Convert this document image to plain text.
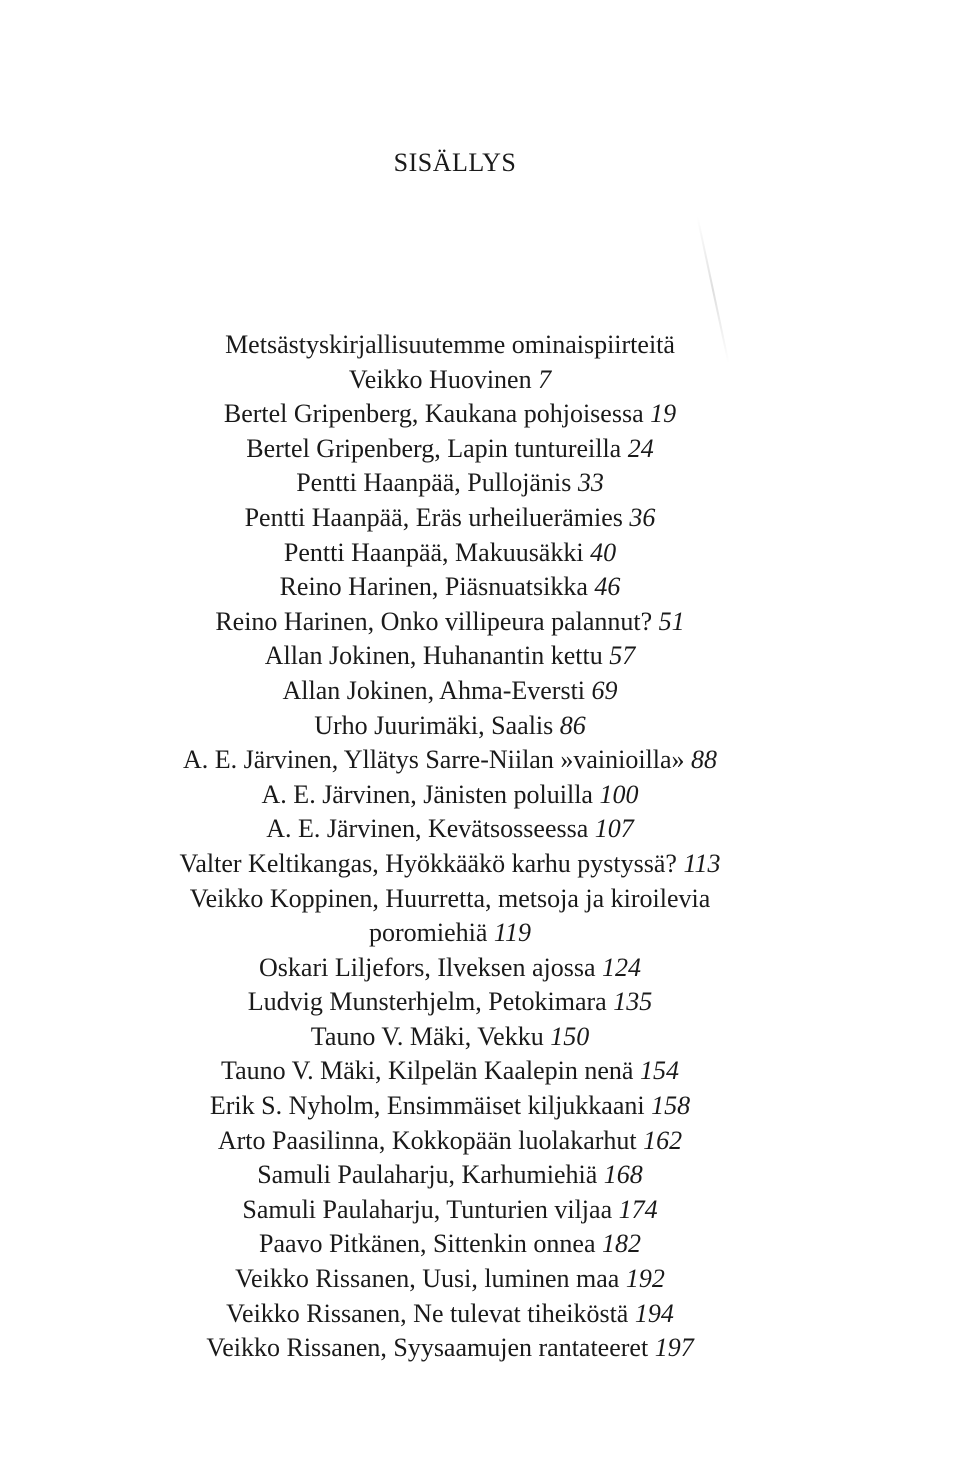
SISÄLLYS

Metsästyskirjallisuutemme ominaispiirteitä

Veikko Huovinen 7

Bertel Gripenberg, Kaukana pohjoisessa 19

Bertel Gripenberg, Lapin tuntureilla 24

Pentti Haanpää, Pullojänis 33

Pentti Haanpää, Eräs urheiluerämies 36

Pentti Haanpää, Makuusäkki 40

Reino Harinen, Piäsnuatsikka 46

Reino Harinen, Onko villipeura palannut? 51

Allan Jokinen, Huhanantin kettu 57

Allan Jokinen, Ahma-Eversti 69

Urho Juurimäki, Saalis 86

A. E. Järvinen, Yllätys Sarre-Niilan »vainioilla» 88

A. E. Järvinen, Jänisten poluilla 100

A. E. Järvinen, Kevätsosseessa 107

Valter Keltikangas, Hyökkääkö karhu pystyssä? 113

Veikko Koppinen, Huurretta, metsoja ja kiroilevia poromiehiä 119

Oskari Liljefors, Ilveksen ajossa 124

Ludvig Munsterhjelm, Petokimara 135

Tauno V. Mäki, Vekku 150

Tauno V. Mäki, Kilpelän Kaalepin nenä 154

Erik S. Nyholm, Ensimmäiset kiljukkaani 158

Arto Paasilinna, Kokkopään luolakarhut 162

Samuli Paulaharju, Karhumiehiä 168

Samuli Paulaharju, Tunturien viljaa 174

Paavo Pitkänen, Sittenkin onnea 182

Veikko Rissanen, Uusi, luminen maa 192

Veikko Rissanen, Ne tulevat tiheiköstä 194

Veikko Rissanen, Syysaamujen rantateeret 197
